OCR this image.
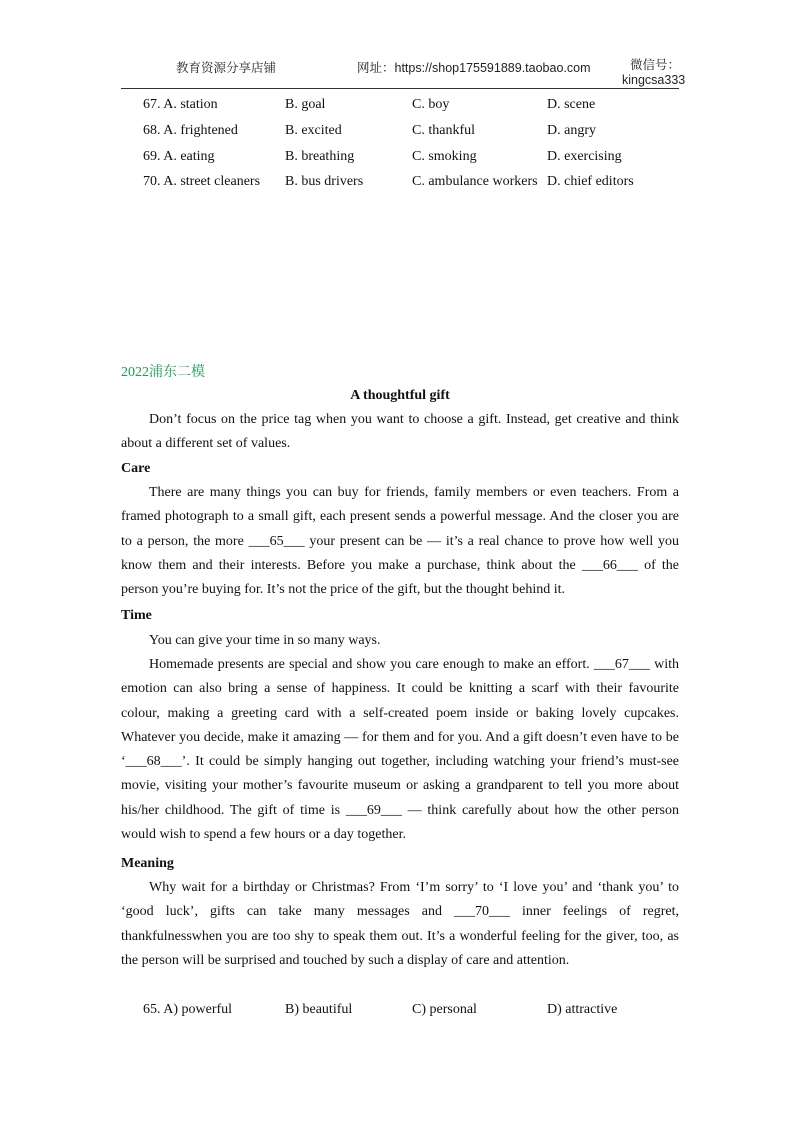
教育资源分享店铺	网址：https://shop175591889.taobao.com	微信号：
kingcsa333
67. A. station	B. goal	C. boy	D. scene
68. A. frightened	B. excited	C. thankful	D. angry
69. A. eating	B. breathing	C. smoking	D. exercising
70. A. street cleaners B. bus drivers	C. ambulance workers D. chief editors
2022浦东二模
A thoughtful gift
Don’t focus on the price tag when you want to choose a gift. Instead, get creative and think
about a different set of values.
Care
There are many things you can buy for friends, family members or even teachers. From a
framed photograph to a small gift, each present sends a powerful message. And the closer you are
to a person, the more ___65___ your present can be — it’s a real chance to prove how well you
know them and their interests. Before you make a purchase, think about the ___66___ of the
person you’re buying for. It’s not the price of the gift, but the thought behind it.
Time
You can give your time in so many ways.
Homemade presents are special and show you care enough to make an effort. ___67___ with
emotion can also bring a sense of happiness. It could be knitting a scarf with their favourite
colour, making a greeting card with a self-created poem inside or baking lovely cupcakes.
Whatever you decide, make it amazing — for them and for you. And a gift doesn’t even have to be
‘___68___’. It could be simply hanging out together, including watching your friend’s must-see
movie, visiting your mother’s favourite museum or asking a grandparent to tell you more about
his/her childhood. The gift of time is ___69___ — think carefully about how the other person
would wish to spend a few hours or a day together.
Meaning
Why wait for a birthday or Christmas? From ‘I’m sorry’ to ‘I love you’ and ‘thank you’ to
‘good luck’, gifts can take many messages and ___70___ inner feelings of regret,
thankfulnesswhen you are too shy to speak them out. It’s a wonderful feeling for the giver, too, as
the person will be surprised and touched by such a display of care and attention.
65. A) powerful	B) beautiful	C) personal	D) attractive
